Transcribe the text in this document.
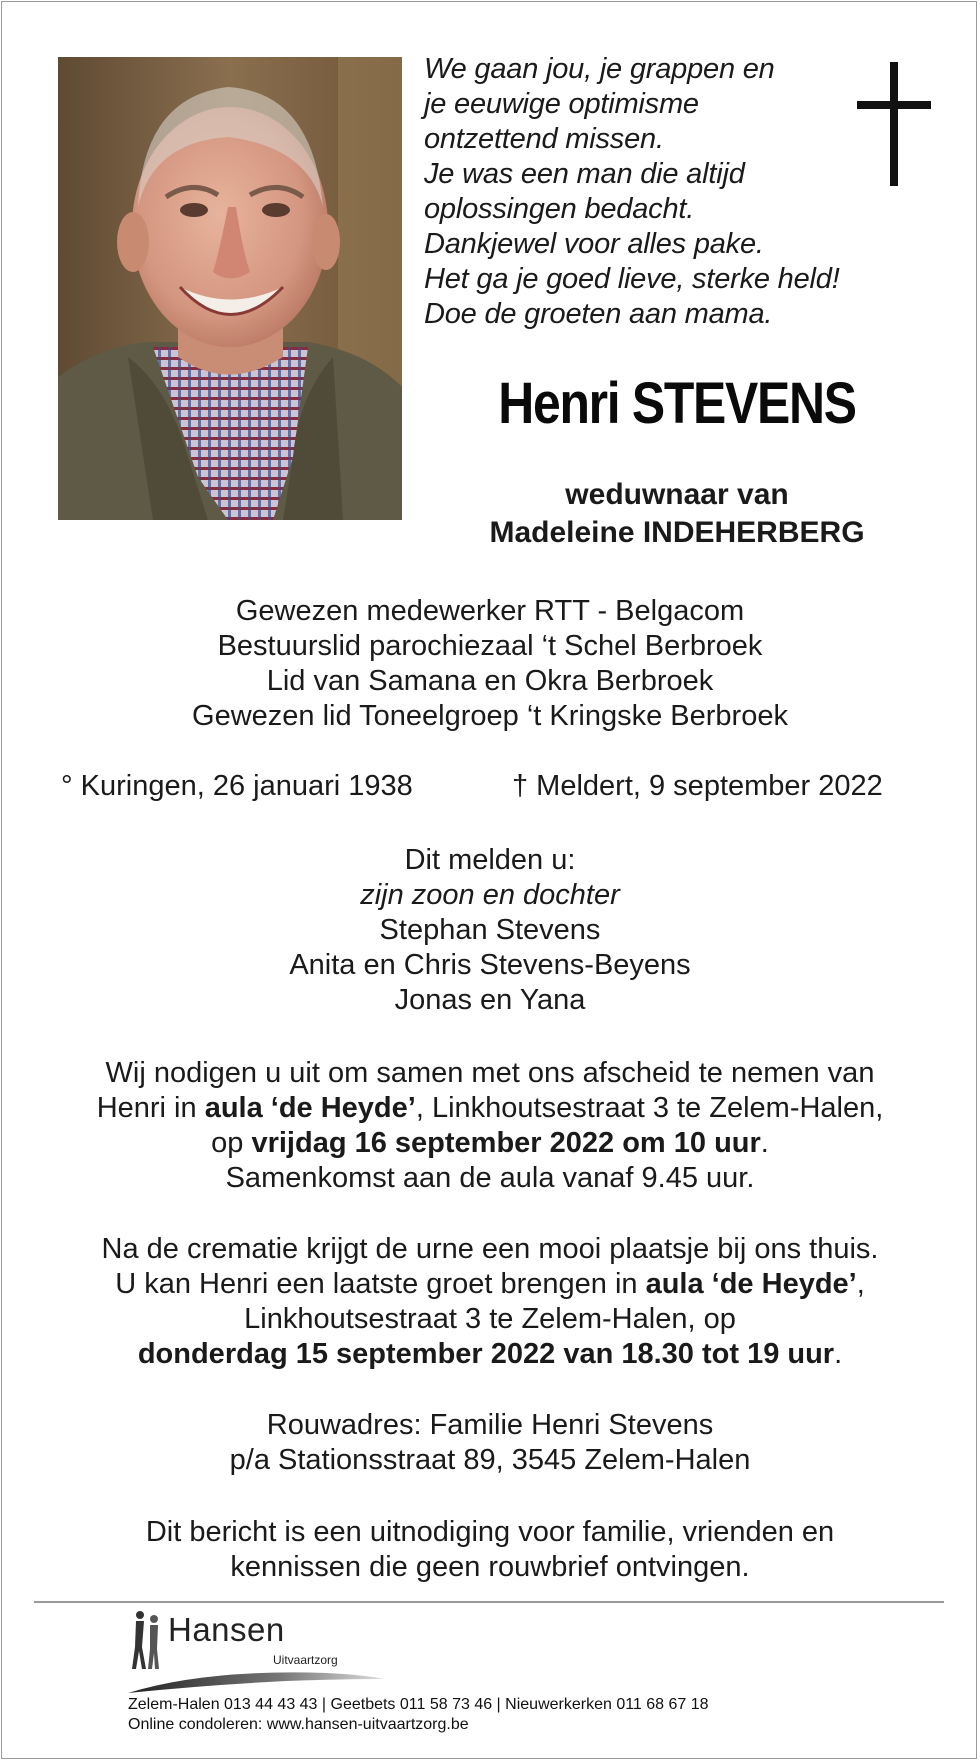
We gaan jou, je grappen en
je eeuwige optimisme
ontzettend missen.
Je was een man die altijd
oplossingen bedacht.
Dankjewel voor alles pake.
Het ga je goed lieve, sterke held!
Doe de groeten aan mama.
Henri STEVENS
weduwnaar van
Madeleine INDEHERBERG
Gewezen medewerker RTT - Belgacom
Bestuurslid parochiezaal ‘t Schel Berbroek
Lid van Samana en Okra Berbroek
Gewezen lid Toneelgroep ‘t Kringske Berbroek
° Kuringen, 26 januari 1938	† Meldert, 9 september 2022
Dit melden u:
zijn zoon en dochter
Stephan Stevens
Anita en Chris Stevens-Beyens
Jonas en Yana
Wij nodigen u uit om samen met ons afscheid te nemen van
Henri in aula ‘de Heyde’, Linkhoutsestraat 3 te Zelem-Halen,
op vrijdag 16 september 2022 om 10 uur.
Samenkomst aan de aula vanaf 9.45 uur.
Na de crematie krijgt de urne een mooi plaatsje bij ons thuis.
U kan Henri een laatste groet brengen in aula ‘de Heyde’,
Linkhoutsestraat 3 te Zelem-Halen, op
donderdag 15 september 2022 van 18.30 tot 19 uur.
Rouwadres: Familie Henri Stevens
p/a Stationsstraat 89, 3545 Zelem-Halen
Dit bericht is een uitnodiging voor familie, vrienden en
kennissen die geen rouwbrief ontvingen.
Hansen
Uitvaartzorg
Zelem-Halen 013 44 43 43 | Geetbets 011 58 73 46 | Nieuwerkerken 011 68 67 18
Online condoleren: www.hansen-uitvaartzorg.be
